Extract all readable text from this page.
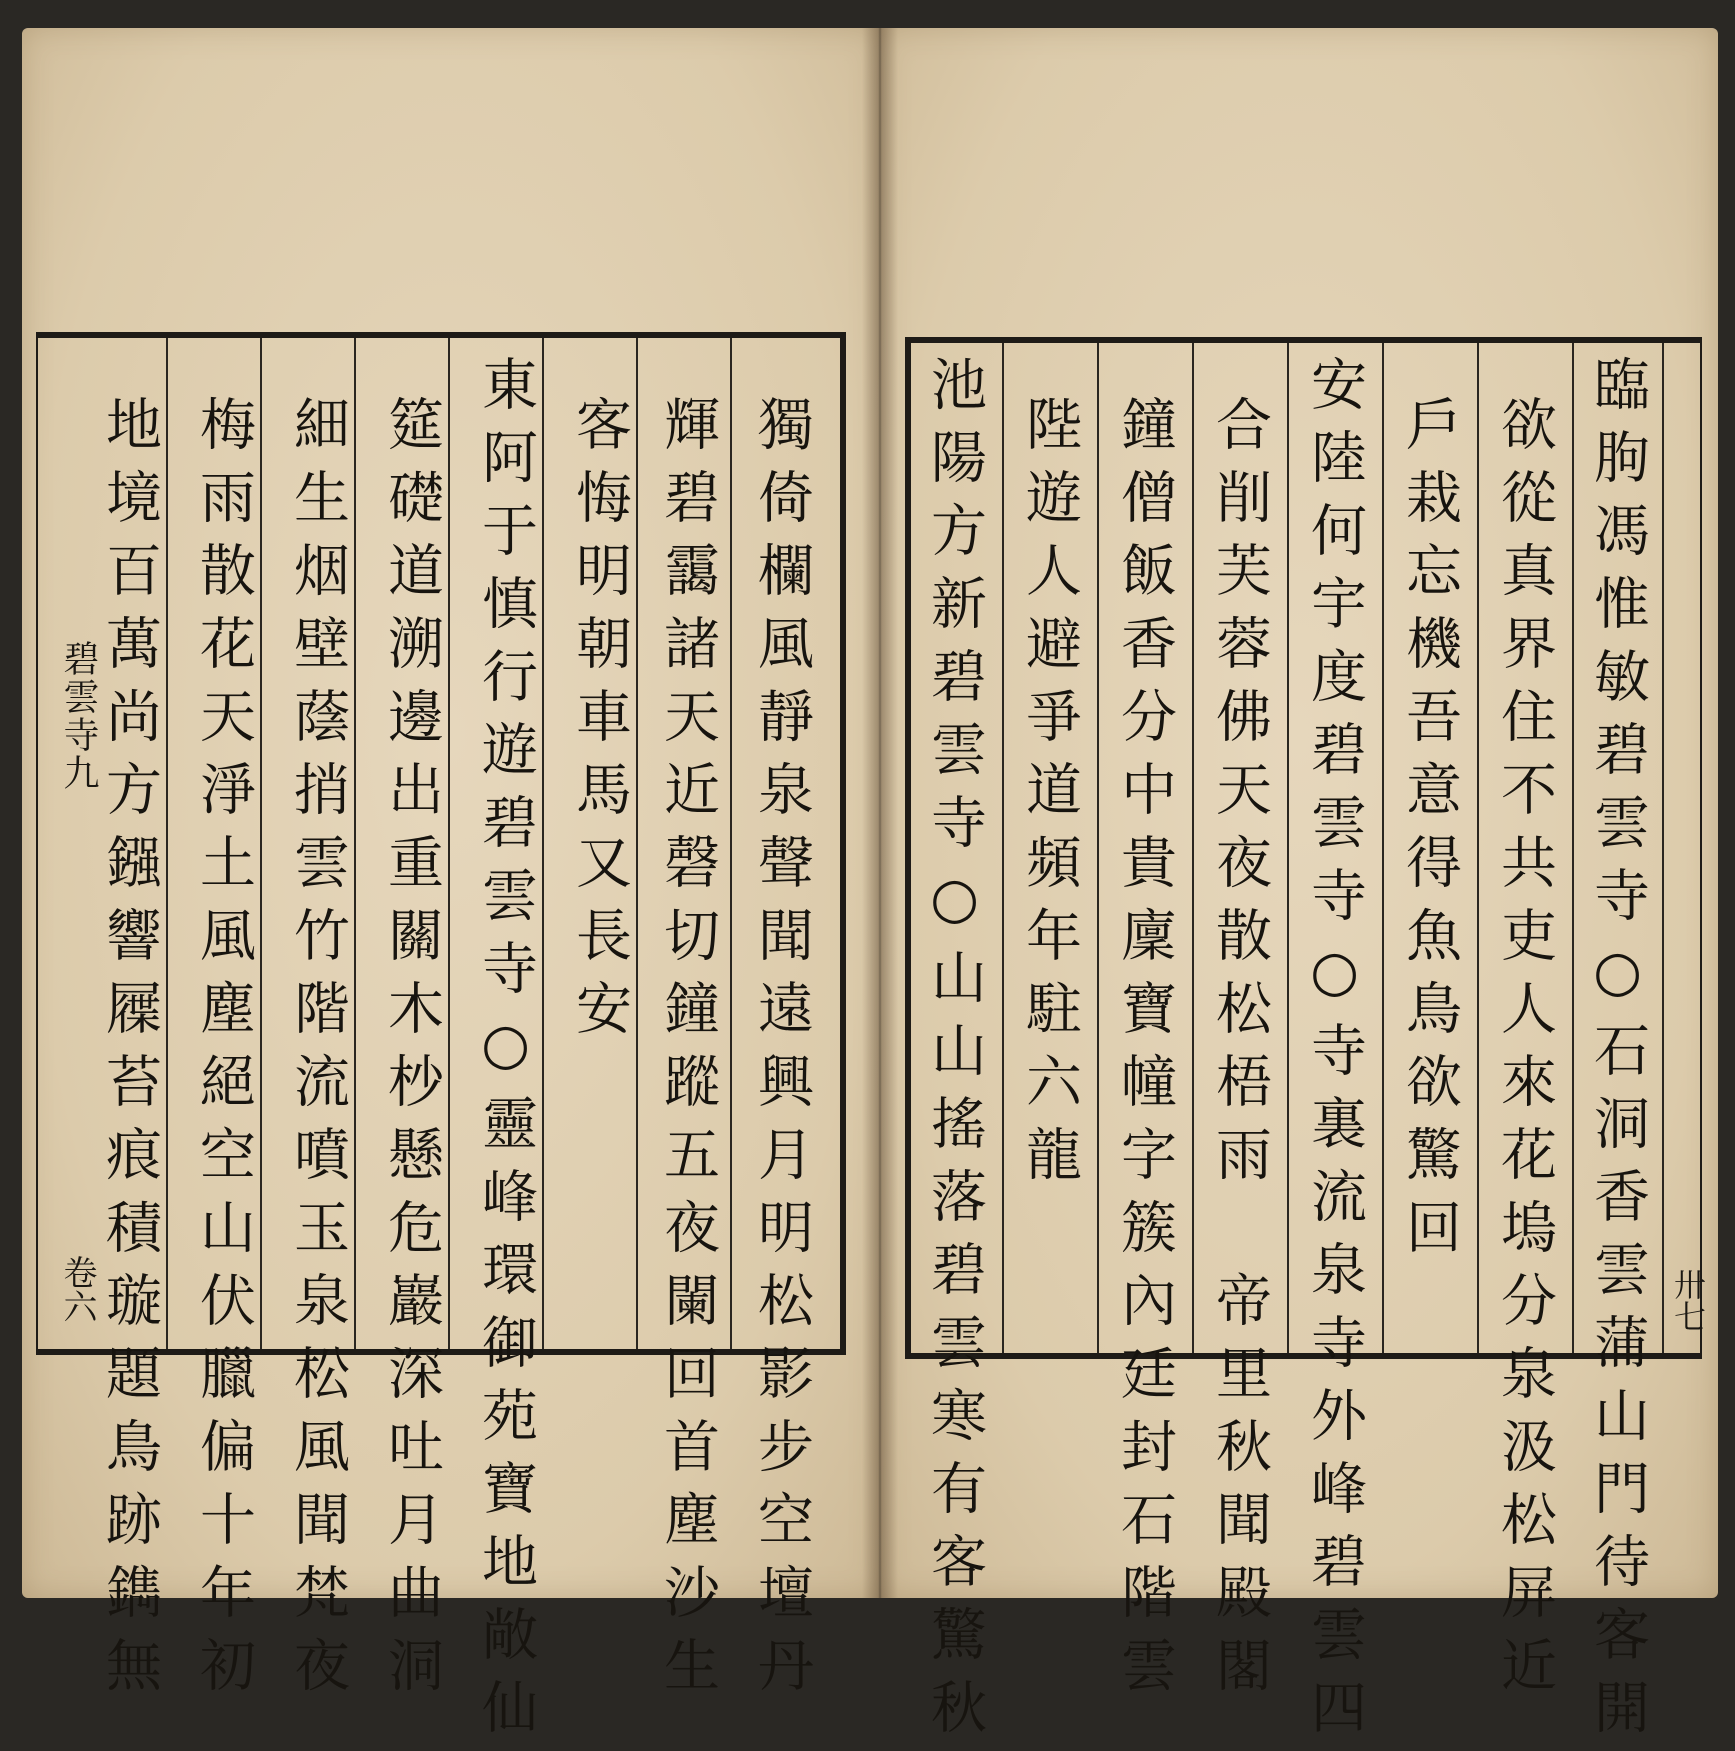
獨倚欄風靜泉聲聞遠興月明松影步空壇丹
輝碧靄諸天近磬切鐘蹤五夜闌回首塵沙生
客悔明朝車馬又長安
東阿于慎行遊碧雲寺○靈峰環御苑寶地敞仙
筵礎道溯邊出重關木杪懸危巖深吐月曲洞
細生烟壁蔭捎雲竹階流噴玉泉松風聞梵夜
梅雨散花天淨土風塵絕空山伏臘偏十年初
地境百萬尚方鏹響屧苔痕積璇題鳥跡鐫無
碧雲寺九
卷六	臨朐馮惟敏碧雲寺○石洞香雲蒲山門待客開
欲從真界住不共吏人來花塢分泉汲松屏近
戶栽忘機吾意得魚鳥欲驚回
安陸何宇度碧雲寺○寺裏流泉寺外峰碧雲四
合削芙蓉佛天夜散松梧雨　帝里秋聞殿閣
鐘僧飯香分中貴廩寶幢字簇內廷封石階雲
陛遊人避爭道頻年駐六龍
池陽方新碧雲寺○山山搖落碧雲寒有客驚秋	卅七
